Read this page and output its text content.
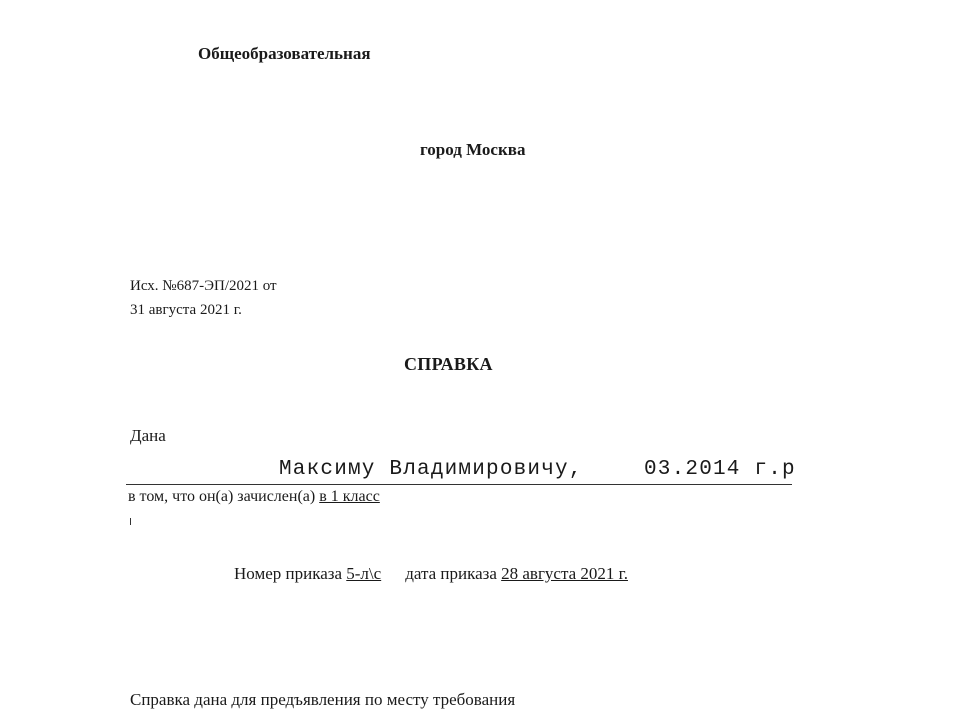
Общеобразовательная

город Москва

Исх. №687-ЭП/2021 от

31 августа 2021 г.

СПРАВКА

Дана

Максиму Владимировичу,	03.2014 г.р

в том, что он(а) зачислен(а) в 1 класс

Номер приказа 5-л\с дата приказа 28 августа 2021 г.

Справка дана для предъявления по месту требования
